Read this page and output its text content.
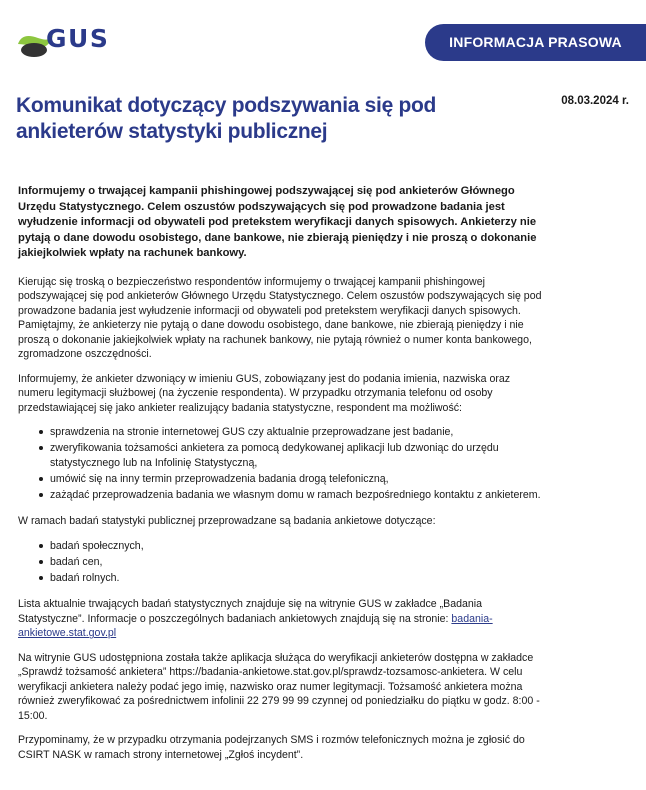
GUS	INFORMACJA PRASOWA
Komunikat dotyczący podszywania się pod ankieterów statystyki publicznej
08.03.2024 r.

Informujemy o trwającej kampanii phishingowej podszywającej się pod ankieterów Głównego Urzędu Statystycznego. Celem oszustów podszywających się pod prowadzone badania jest wyłudzenie informacji od obywateli pod pretekstem weryfikacji danych spisowych. Ankieterzy nie pytają o dane dowodu osobistego, dane bankowe, nie zbierają pieniędzy i nie proszą o dokonanie jakiejkolwiek wpłaty na rachunek bankowy.

Kierując się troską o bezpieczeństwo respondentów informujemy o trwającej kampanii phishingowej podszywającej się pod ankieterów Głównego Urzędu Statystycznego. Celem oszustów podszywających się pod prowadzone badania jest wyłudzenie informacji od obywateli pod pretekstem weryfikacji danych spisowych. Pamiętajmy, że ankieterzy nie pytają o dane dowodu osobistego, dane bankowe, nie zbierają pieniędzy i nie proszą o dokonanie jakiejkolwiek wpłaty na rachunek bankowy, nie pytają również o numer konta bankowego, zgromadzone oszczędności.

Informujemy, że ankieter dzwoniący w imieniu GUS, zobowiązany jest do podania imienia, nazwiska oraz numeru legitymacji służbowej (na życzenie respondenta). W przypadku otrzymania telefonu od osoby przedstawiającej się jako ankieter realizujący badania statystyczne, respondent ma możliwość:

sprawdzenia na stronie internetowej GUS czy aktualnie przeprowadzane jest badanie,
zweryfikowania tożsamości ankietera za pomocą dedykowanej aplikacji lub dzwoniąc do urzędu statystycznego lub na Infolinię Statystyczną,
umówić się na inny termin przeprowadzenia badania drogą telefoniczną,
zażądać przeprowadzenia badania we własnym domu w ramach bezpośredniego kontaktu z ankieterem.

W ramach badań statystyki publicznej przeprowadzane są badania ankietowe dotyczące:

badań społecznych,
badań cen,
badań rolnych.

Lista aktualnie trwających badań statystycznych znajduje się na witrynie GUS w zakładce „Badania Statystyczne”. Informacje o poszczególnych badaniach ankietowych znajdują się na stronie: badania-ankietowe.stat.gov.pl

Na witrynie GUS udostępniona została także aplikacja służąca do weryfikacji ankieterów dostępna w zakładce „Sprawdź tożsamość ankietera” https://badania-ankietowe.stat.gov.pl/sprawdz-tozsamosc-ankietera. W celu weryfikacji ankietera należy podać jego imię, nazwisko oraz numer legitymacji. Tożsamość ankietera można również zweryfikować za pośrednictwem infolinii 22 279 99 99 czynnej od poniedziałku do piątku w godz. 8:00 - 15:00.

Przypominamy, że w przypadku otrzymania podejrzanych SMS i rozmów telefonicznych można je zgłosić do CSIRT NASK w ramach strony internetowej „Zgłoś incydent”.
